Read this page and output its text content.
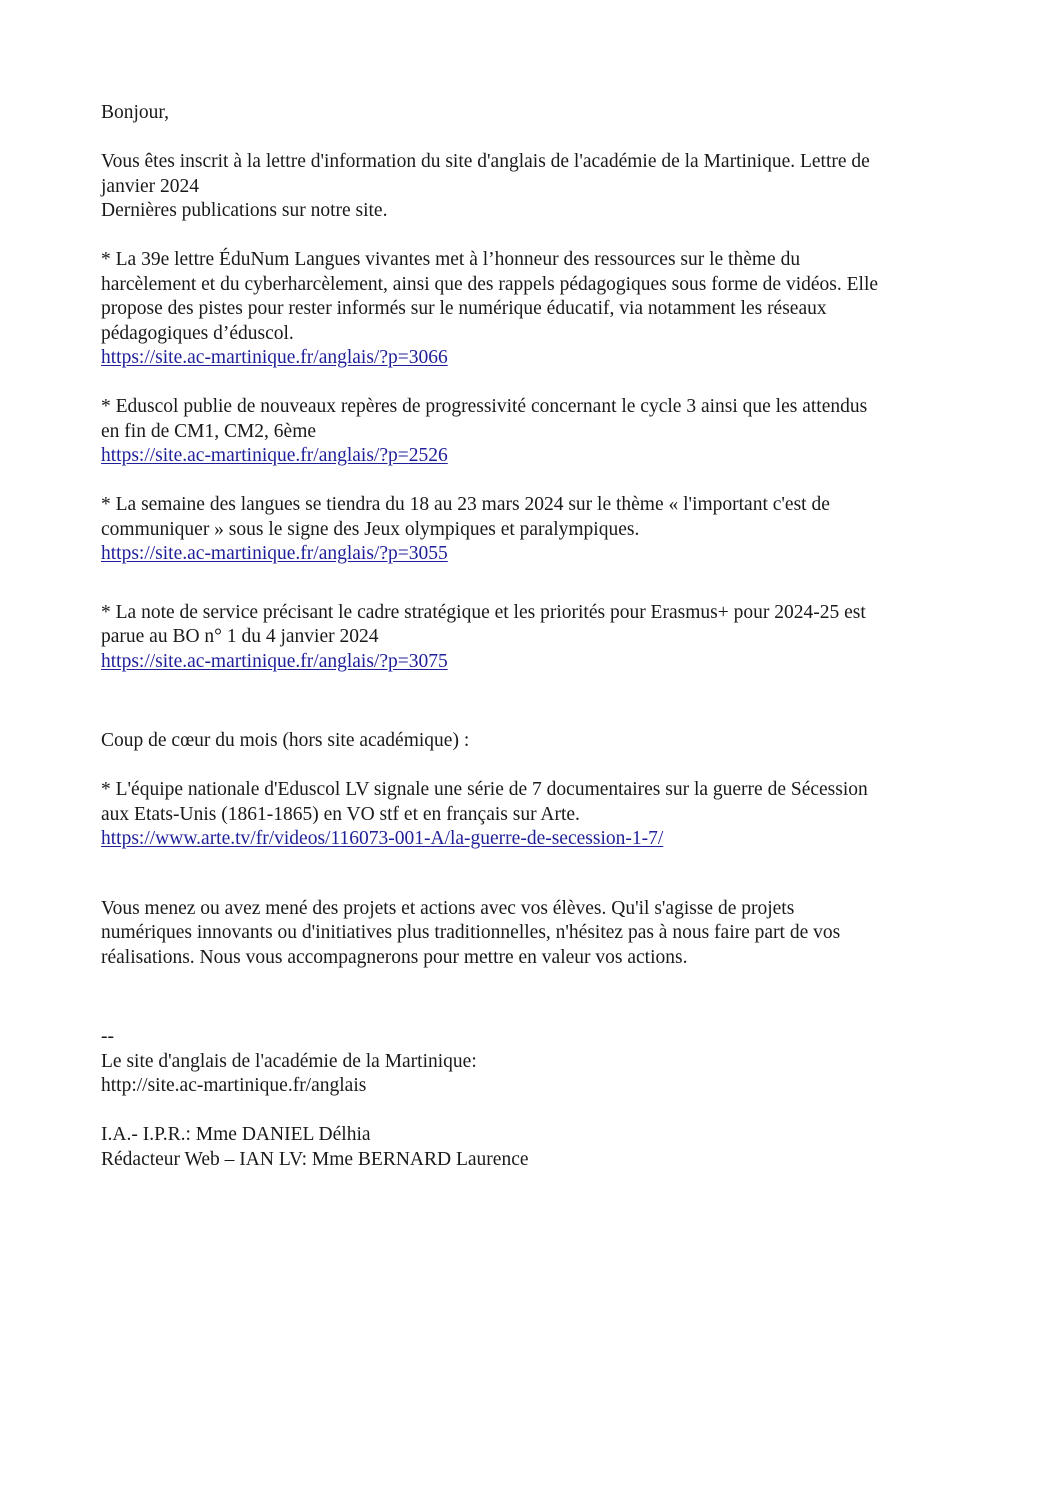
Bonjour,

Vous êtes inscrit à la lettre d'information du site d'anglais de l'académie de la Martinique. Lettre de
janvier 2024
Dernières publications sur notre site.

* La 39e lettre ÉduNum Langues vivantes met à l’honneur des ressources sur le thème du
harcèlement et du cyberharcèlement, ainsi que des rappels pédagogiques sous forme de vidéos. Elle
propose des pistes pour rester informés sur le numérique éducatif, via notamment les réseaux
pédagogiques d’éduscol.
https://site.ac-martinique.fr/anglais/?p=3066
* Eduscol publie de nouveaux repères de progressivité concernant le cycle 3 ainsi que les attendus
en fin de CM1, CM2, 6ème
https://site.ac-martinique.fr/anglais/?p=2526
* La semaine des langues se tiendra du 18 au 23 mars 2024 sur le thème « l'important c'est de
communiquer » sous le signe des Jeux olympiques et paralympiques.
https://site.ac-martinique.fr/anglais/?p=3055
* La note de service précisant le cadre stratégique et les priorités pour Erasmus+ pour 2024-25 est
parue au BO n° 1 du 4 janvier 2024
https://site.ac-martinique.fr/anglais/?p=3075
Coup de cœur du mois (hors site académique) :
* L'équipe nationale d'Eduscol LV signale une série de 7 documentaires sur la guerre de Sécession
aux Etats-Unis (1861-1865) en VO stf et en français sur Arte.
https://www.arte.tv/fr/videos/116073-001-A/la-guerre-de-secession-1-7/
Vous menez ou avez mené des projets et actions avec vos élèves. Qu'il s'agisse de projets
numériques innovants ou d'initiatives plus traditionnelles, n'hésitez pas à nous faire part de vos
réalisations. Nous vous accompagnerons pour mettre en valeur vos actions.
--
Le site d'anglais de l'académie de la Martinique:
http://site.ac-martinique.fr/anglais
I.A.- I.P.R.: Mme DANIEL Délhia
Rédacteur Web – IAN LV: Mme BERNARD Laurence
